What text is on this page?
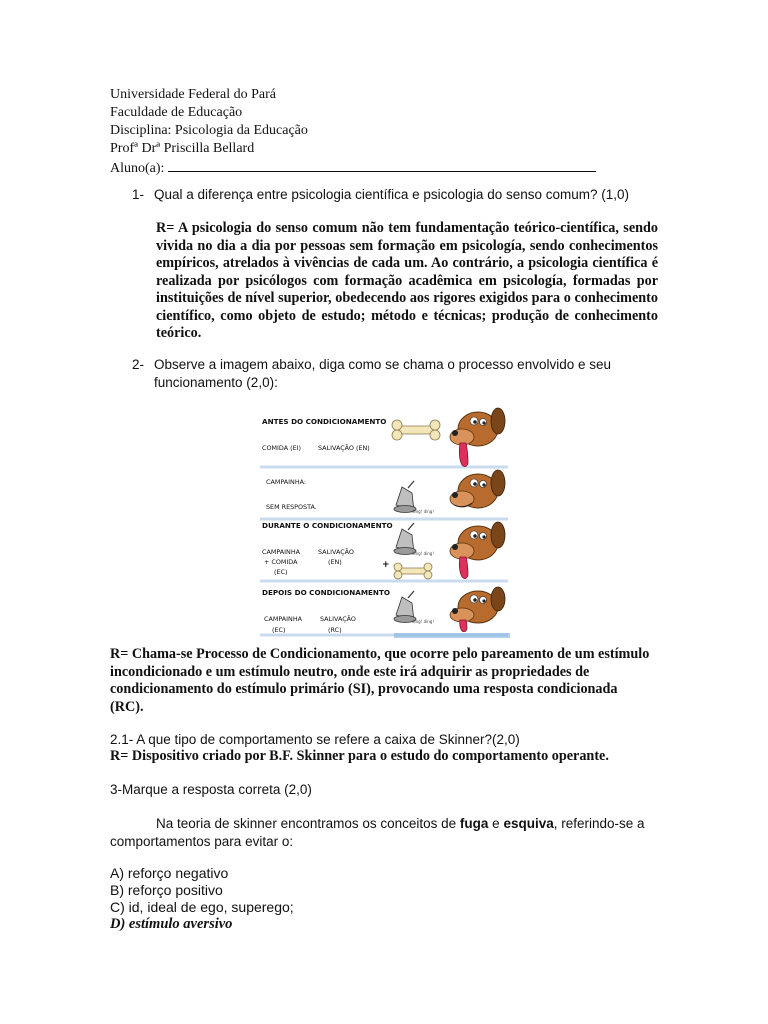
Universidade Federal do Pará
Faculdade de Educação
Disciplina: Psicologia da Educação
Profª Drª Priscilla Bellard
Aluno(a):
1- Qual a diferença entre psicologia científica e psicologia do senso comum? (1,0)
R= A psicologia do senso comum não tem fundamentação teórico-científica, sendo vivida no dia a dia por pessoas sem formação em psicología, sendo conhecimentos empíricos, atrelados à vivências de cada um. Ao contrário, a psicologia científica é realizada por psicólogos com formação acadêmica em psicología, formadas por instituições de nível superior, obedecendo aos rigores exigidos para o conhecimento científico, como objeto de estudo; método e técnicas; produção de conhecimento teórico.
2- Observe a imagem abaixo, diga como se chama o processo envolvido e seu funcionamento (2,0):
ANTES DO CONDICIONAMENTO
COMIDA (EI)	SALIVAÇÃO (EN)
CAMPAINHA:
SEM RESPOSTA.
DURANTE O CONDICIONAMENTO
CAMPAINHA
+ COMIDA
(EC)
SALIVAÇÃO
(EN)
DEPOIS DO CONDICIONAMENTO
CAMPAINHA
(EC)
SALIVAÇÃO
(RC)
ding! ding!
ding! ding!
+
ding! ding!
R= Chama-se Processo de Condicionamento, que ocorre pelo pareamento de um estímulo incondicionado e um estímulo neutro, onde este irá adquirir as propriedades de condicionamento do estímulo primário (SI), provocando uma resposta condicionada (RC).
2.1- A que tipo de comportamento se refere a caixa de Skinner?(2,0)
R= Dispositivo criado por B.F. Skinner para o estudo do comportamento operante.
3-Marque a resposta correta (2,0)
Na teoria de skinner encontramos os conceitos de fuga e esquiva, referindo-se a
comportamentos para evitar o:
A) reforço negativo
B) reforço positivo
C) id, ideal de ego, superego;
D) estímulo aversivo
